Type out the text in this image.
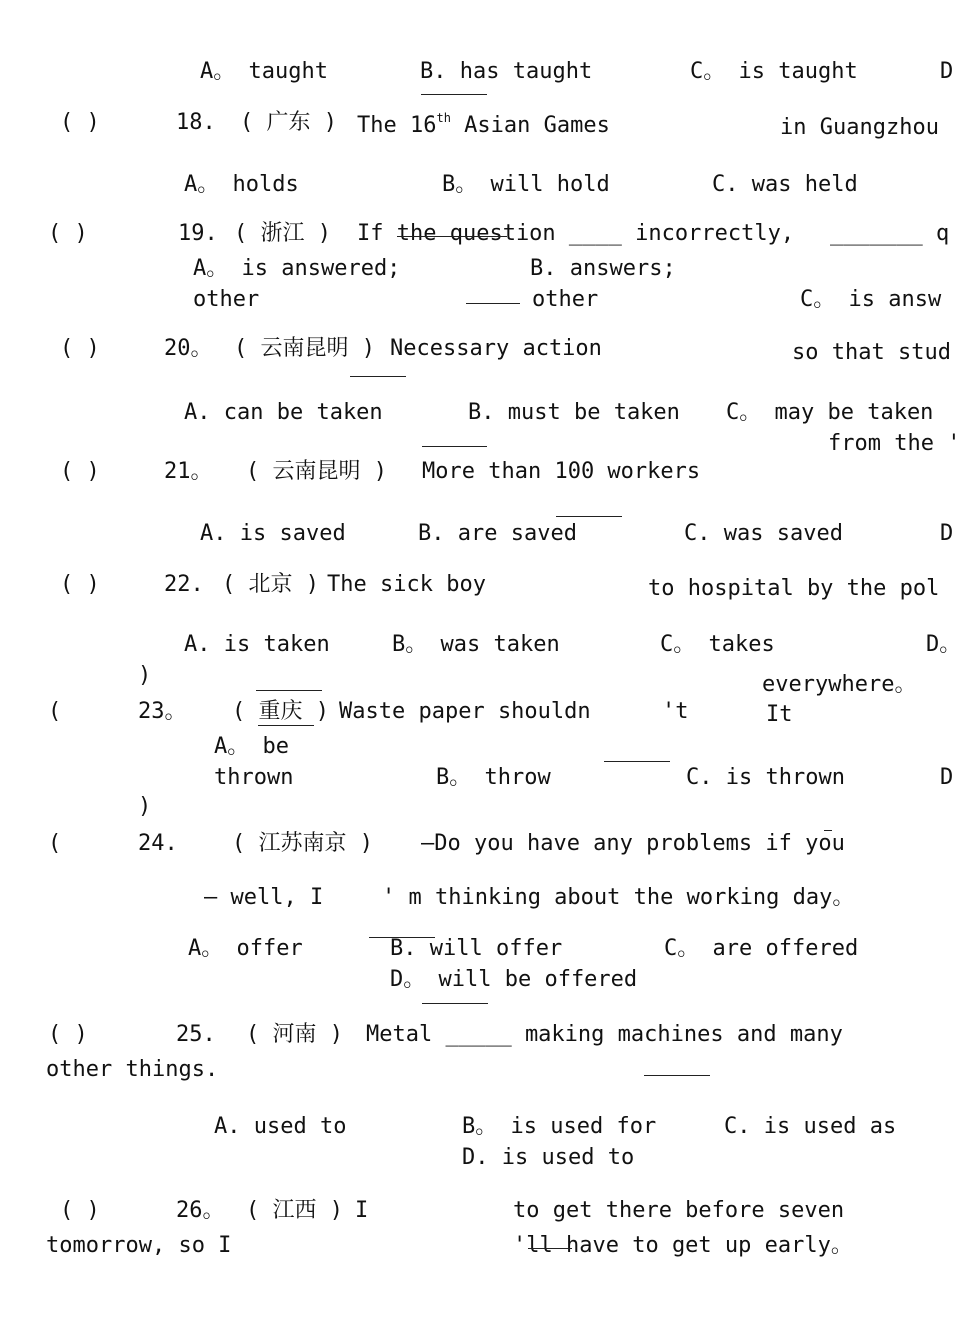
A。 taught	B. has taught	C。 is taught	D
( )	18. ( 广东 ) The 16th Asian Games	in Guangzhou
A。 holds	B。 will hold	C. was held
( )	19. ( 浙江 ) If the question ____ incorrectly, _______ q
A。 is answered;	B. answers;
other	other	C。 is answ
( )	20。 ( 云南昆明 ) Necessary action	so that stud
A. can be taken	B. must be taken C。 may be taken
from the '
( )	21。 ( 云南昆明 ) More than 100 workers
A. is saved	B. are saved	C. was saved	D
( )	22. ( 北京 ) The sick boy	to hospital by the pol
A. is taken	B。 was taken	C。 takes	D。
)	everywhere。
(	23。 ( 重庆 ) Waste paper shouldn	't	It
A。 be
thrown	B。 throw	C. is thrown	D
)
(	24. ( 江苏南京 ) —Do you have any problems if you
— well, I	' m thinking about the working day。
A。 offer	B. will offer	C。 are offered
D。 will be offered
( )	25. ( 河南 ) Metal _____ making machines and many
other things.
A. used to	B。 is used for	C. is used as
D. is used to
( )	26。 ( 江西 ) I	to get there before seven
tomorrow, so I	'll have to get up early。
